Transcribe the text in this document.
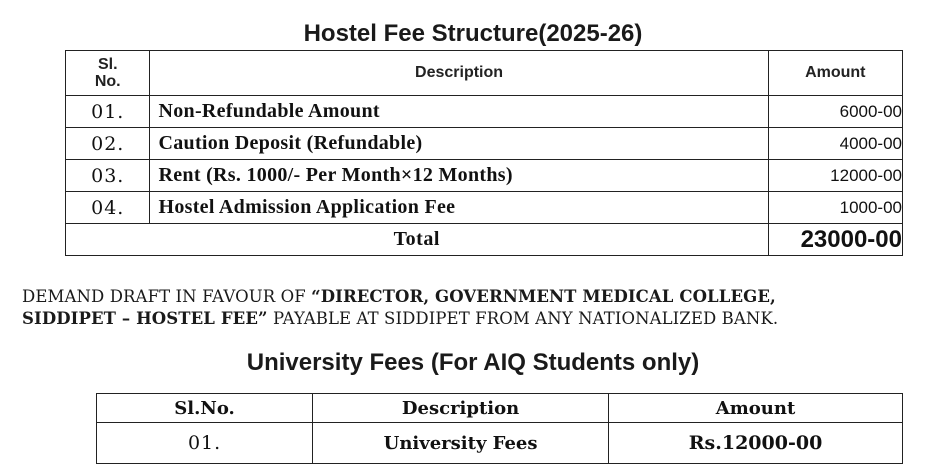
Hostel Fee Structure(2025-26)
Sl.
No.	Description	Amount
01.	Non-Refundable Amount	6000-00
02.	Caution Deposit (Refundable)	4000-00
03.	Rent (Rs. 1000/- Per Month×12 Months)	12000-00
04.	Hostel Admission Application Fee	1000-00
Total		23000-00
DEMAND DRAFT IN FAVOUR OF “DIRECTOR, GOVERNMENT MEDICAL COLLEGE,
SIDDIPET – HOSTEL FEE” PAYABLE AT SIDDIPET FROM ANY NATIONALIZED BANK.
University Fees (For AIQ Students only)
Sl.No.	Description	Amount
01.	University Fees	Rs.12000-00
